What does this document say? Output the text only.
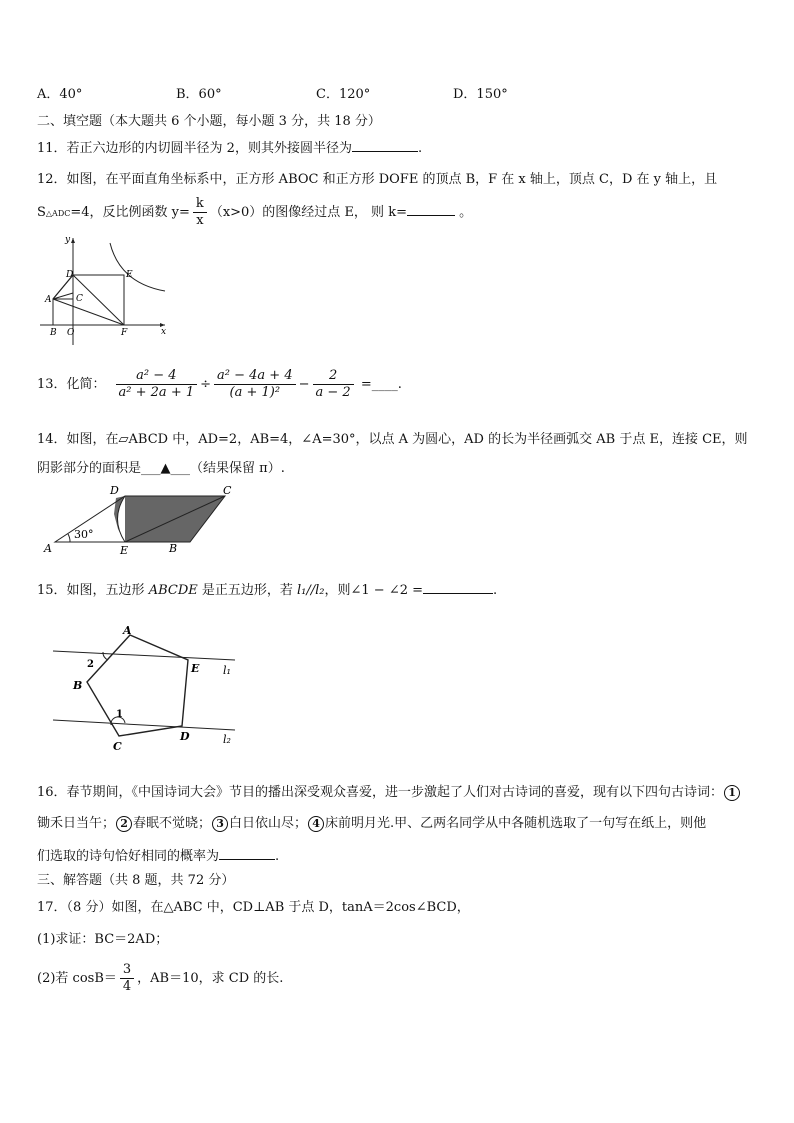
A．40°	B．60°	C．120°	D．150°
二、填空题（本大题共 6 个小题，每小题 3 分，共 18 分）
11．若正六边形的内切圆半径为 2，则其外接圆半径为	.
12．如图，在平面直角坐标系中，正方形 ABOC 和正方形 DOFE 的顶点 B，F 在 x 轴上，顶点 C，D 在 y 轴上，且
S△ADC=4，反比例函数 $y= \frac{k}{x} (x>0)$的图像经过点 E， 则 k=	。
y
x
D	E
A	C
B O	F
13．化简： $\frac{\text{a² − 4}}{\text{a² + 2a + 1}} \div \frac{\text{a² − 4a + 4}}{\text{(a + 1)²}} - \frac{2}{a - 2}$ =____.
14．如图，在▱ABCD 中，AD=2，AB=4，∠A=30°，以点 A 为圆心，AD 的长为半径画弧交 AB 于点 E，连接 CE，则
阴影部分的面积是___▲___（结果保留 π）.
D	C
A	E	B
30°
15．如图，五边形 ABCDE 是正五边形，若 l₁//l₂，则∠1 − ∠2 =	.
A
B
C
D
E
1
2	l₁
l₂
16．春节期间，《中国诗词大会》节目的播出深受观众喜爱，进一步激起了人们对古诗词的喜爱，现有以下四句古诗词： 1
锄禾日当午； 2 春眠不觉晓； 3 白日依山尽； 4 床前明月光.甲、乙两名同学从中各随机选取了一句写在纸上，则他
们选取的诗句恰好相同的概率为	.
三、解答题（共 8 题，共 72 分）
17．（8 分）如图，在△ABC 中，CD⊥AB 于点 D，tanA＝2cos∠BCD，
(1)求证：BC＝2AD；
(2)若 $\cos B= \frac{3}{4}$ ，AB＝10，求 CD 的长.
